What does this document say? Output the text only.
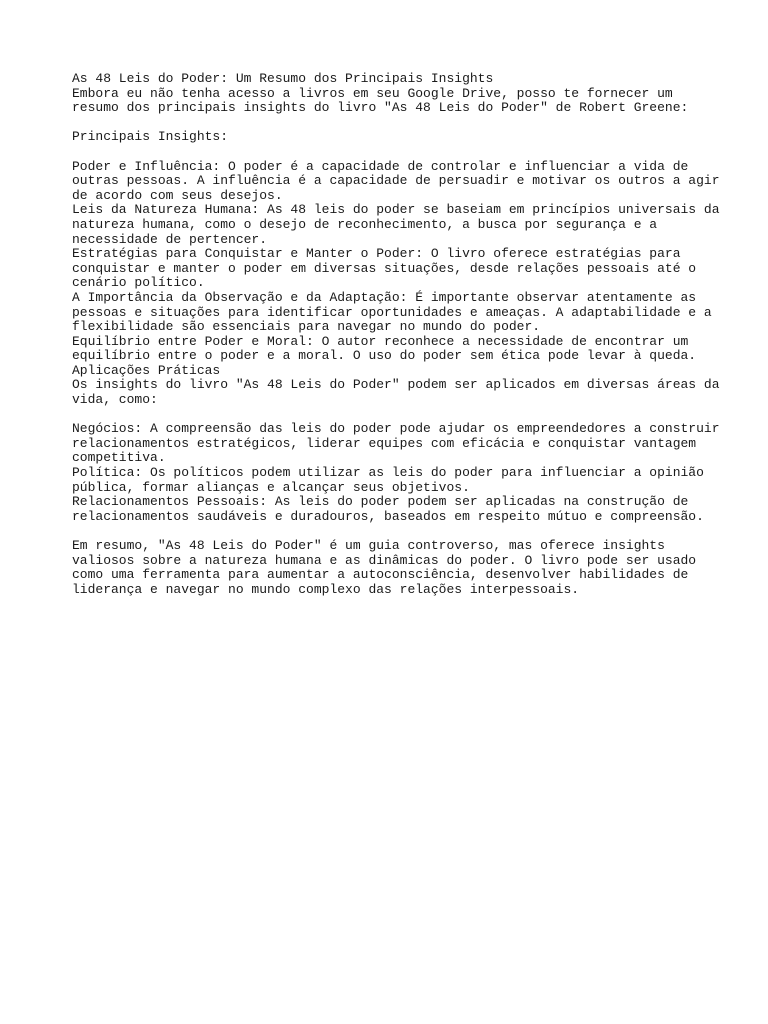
As 48 Leis do Poder: Um Resumo dos Principais Insights
Embora eu não tenha acesso a livros em seu Google Drive, posso te fornecer um
resumo dos principais insights do livro "As 48 Leis do Poder" de Robert Greene:
Principais Insights:
Poder e Influência: O poder é a capacidade de controlar e influenciar a vida de
outras pessoas. A influência é a capacidade de persuadir e motivar os outros a agir
de acordo com seus desejos.
Leis da Natureza Humana: As 48 leis do poder se baseiam em princípios universais da
natureza humana, como o desejo de reconhecimento, a busca por segurança e a
necessidade de pertencer.
Estratégias para Conquistar e Manter o Poder: O livro oferece estratégias para
conquistar e manter o poder em diversas situações, desde relações pessoais até o
cenário político.
A Importância da Observação e da Adaptação: É importante observar atentamente as
pessoas e situações para identificar oportunidades e ameaças. A adaptabilidade e a
flexibilidade são essenciais para navegar no mundo do poder.
Equilíbrio entre Poder e Moral: O autor reconhece a necessidade de encontrar um
equilíbrio entre o poder e a moral. O uso do poder sem ética pode levar à queda.
Aplicações Práticas
Os insights do livro "As 48 Leis do Poder" podem ser aplicados em diversas áreas da
vida, como:
Negócios: A compreensão das leis do poder pode ajudar os empreendedores a construir
relacionamentos estratégicos, liderar equipes com eficácia e conquistar vantagem
competitiva.
Política: Os políticos podem utilizar as leis do poder para influenciar a opinião
pública, formar alianças e alcançar seus objetivos.
Relacionamentos Pessoais: As leis do poder podem ser aplicadas na construção de
relacionamentos saudáveis e duradouros, baseados em respeito mútuo e compreensão.
Em resumo, "As 48 Leis do Poder" é um guia controverso, mas oferece insights
valiosos sobre a natureza humana e as dinâmicas do poder. O livro pode ser usado
como uma ferramenta para aumentar a autoconsciência, desenvolver habilidades de
liderança e navegar no mundo complexo das relações interpessoais.
